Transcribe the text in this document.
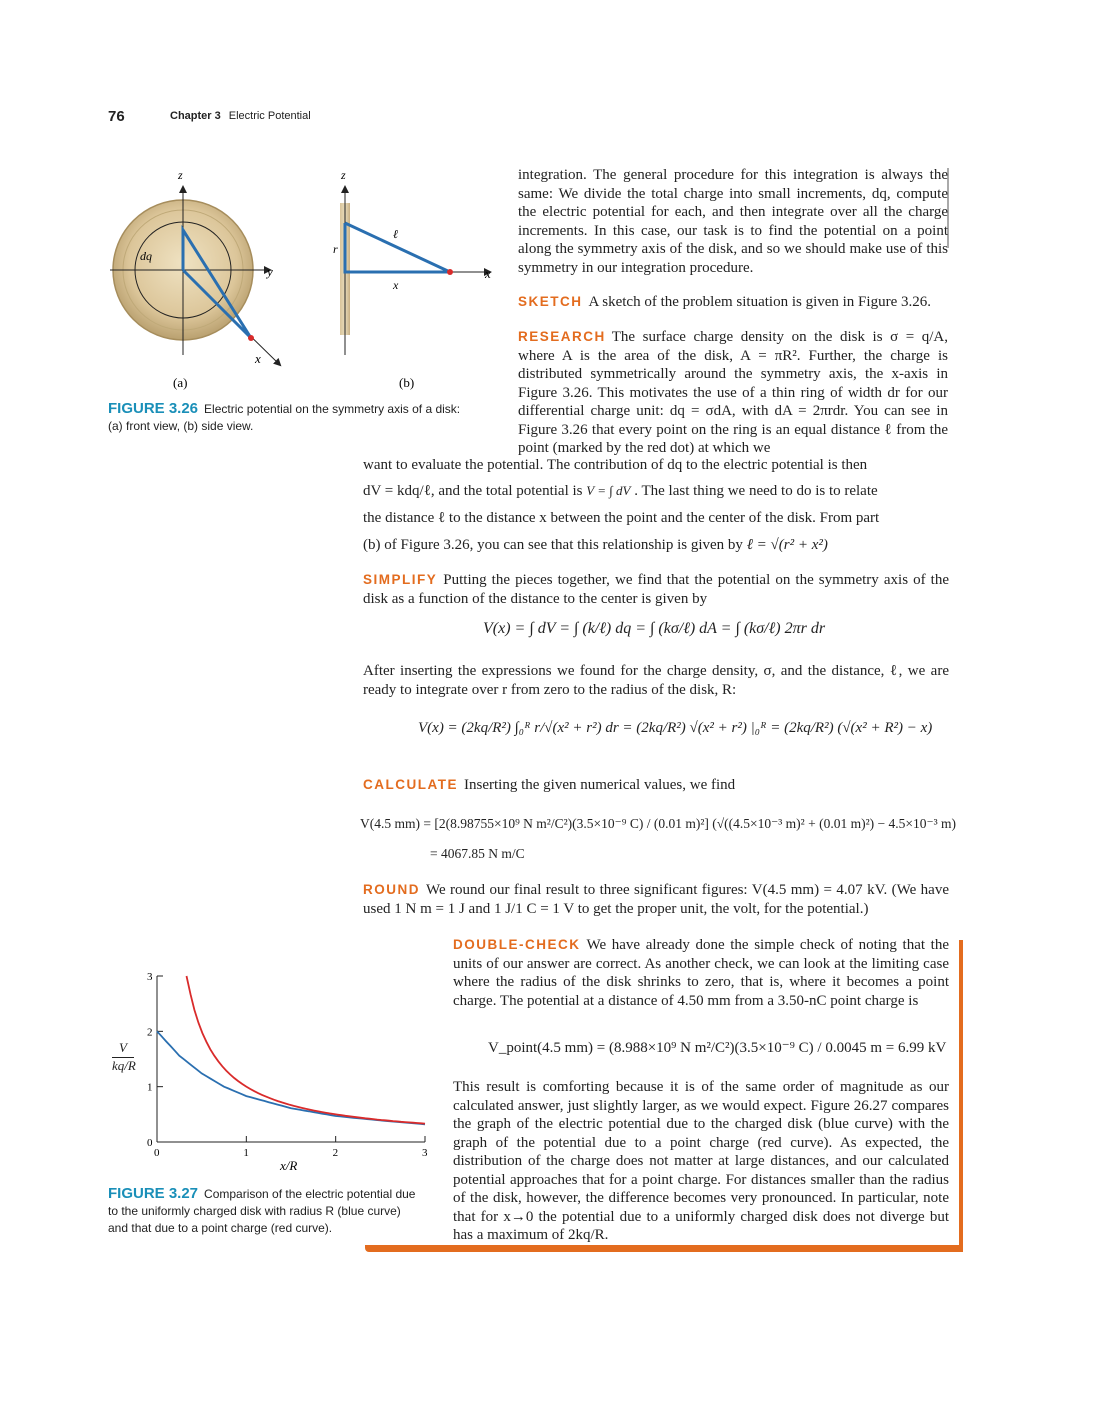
76	Chapter 3 Electric Potential
z
y
x
dq
(a)
z
x
r
ℓ
x
(b)
FIGURE 3.26 Electric potential on the symmetry axis of a disk: (a) front view, (b) side view.
integration. The general procedure for this integration is always the same: We divide the total charge into small increments, dq, compute the electric potential for each, and then integrate over all the charge increments. In this case, our task is to find the potential on a point along the symmetry axis of the disk, and so we should make use of this symmetry in our integration procedure.
SKETCH A sketch of the problem situation is given in Figure 3.26.
RESEARCH The surface charge density on the disk is σ = q/A, where A is the area of the disk, A = πR². Further, the charge is distributed symmetrically around the symmetry axis, the x-axis in Figure 3.26. This motivates the use of a thin ring of width dr for our differential charge unit: dq = σdA, with dA = 2πrdr. You can see in Figure 3.26 that every point on the ring is an equal distance ℓ from the point (marked by the red dot) at which we
want to evaluate the potential. The contribution of dq to the electric potential is then
dV = kdq/ℓ, and the total potential is V = ∫ dV . The last thing we need to do is to relate
the distance ℓ to the distance x between the point and the center of the disk. From part
(b) of Figure 3.26, you can see that this relationship is given by ℓ = √(r² + x²)
SIMPLIFY Putting the pieces together, we find that the potential on the symmetry axis of the disk as a function of the distance to the center is given by
V(x) = ∫ dV = ∫ (k/ℓ) dq = ∫ (kσ/ℓ) dA = ∫ (kσ/ℓ) 2πr dr
After inserting the expressions we found for the charge density, σ, and the distance, ℓ, we are ready to integrate over r from zero to the radius of the disk, R:
V(x) = (2kq/R²) ∫₀ᴿ r/√(x² + r²) dr = (2kq/R²) √(x² + r²) |₀ᴿ = (2kq/R²) (√(x² + R²) − x)
CALCULATE Inserting the given numerical values, we find
V(4.5 mm) = [2(8.98755×10⁹ N m²/C²)(3.5×10⁻⁹ C) / (0.01 m)²] (√((4.5×10⁻³ m)² + (0.01 m)²) − 4.5×10⁻³ m)
= 4067.85 N m/C
ROUND We round our final result to three significant figures: V(4.5 mm) = 4.07 kV. (We have used 1 N m = 1 J and 1 J/1 C = 1 V to get the proper unit, the volt, for the potential.)
DOUBLE-CHECK We have already done the simple check of noting that the units of our answer are correct. As another check, we can look at the limiting case where the radius of the disk shrinks to zero, that is, where it becomes a point charge. The potential at a distance of 4.50 mm from a 3.50-nC point charge is
V_point(4.5 mm) = (8.988×10⁹ N m²/C²)(3.5×10⁻⁹ C) / 0.0045 m = 6.99 kV
This result is comforting because it is of the same order of magnitude as our calculated answer, just slightly larger, as we would expect. Figure 26.27 compares the graph of the electric potential due to the charged disk (blue curve) with the graph of the potential due to a point charge (red curve). As expected, the distribution of the charge does not matter at large distances, and our calculated potential approaches that for a point charge. For distances smaller than the radius of the disk, however, the difference becomes very pronounced. In particular, note that for x→0 the potential due to a uniformly charged disk does not diverge but has a maximum of 2kq/R.
$\frac{V}{kq/R}$
0
1
2
3
0	1	2	3
x/R
FIGURE 3.27 Comparison of the electric potential due to the uniformly charged disk with radius R (blue curve) and that due to a point charge (red curve).
